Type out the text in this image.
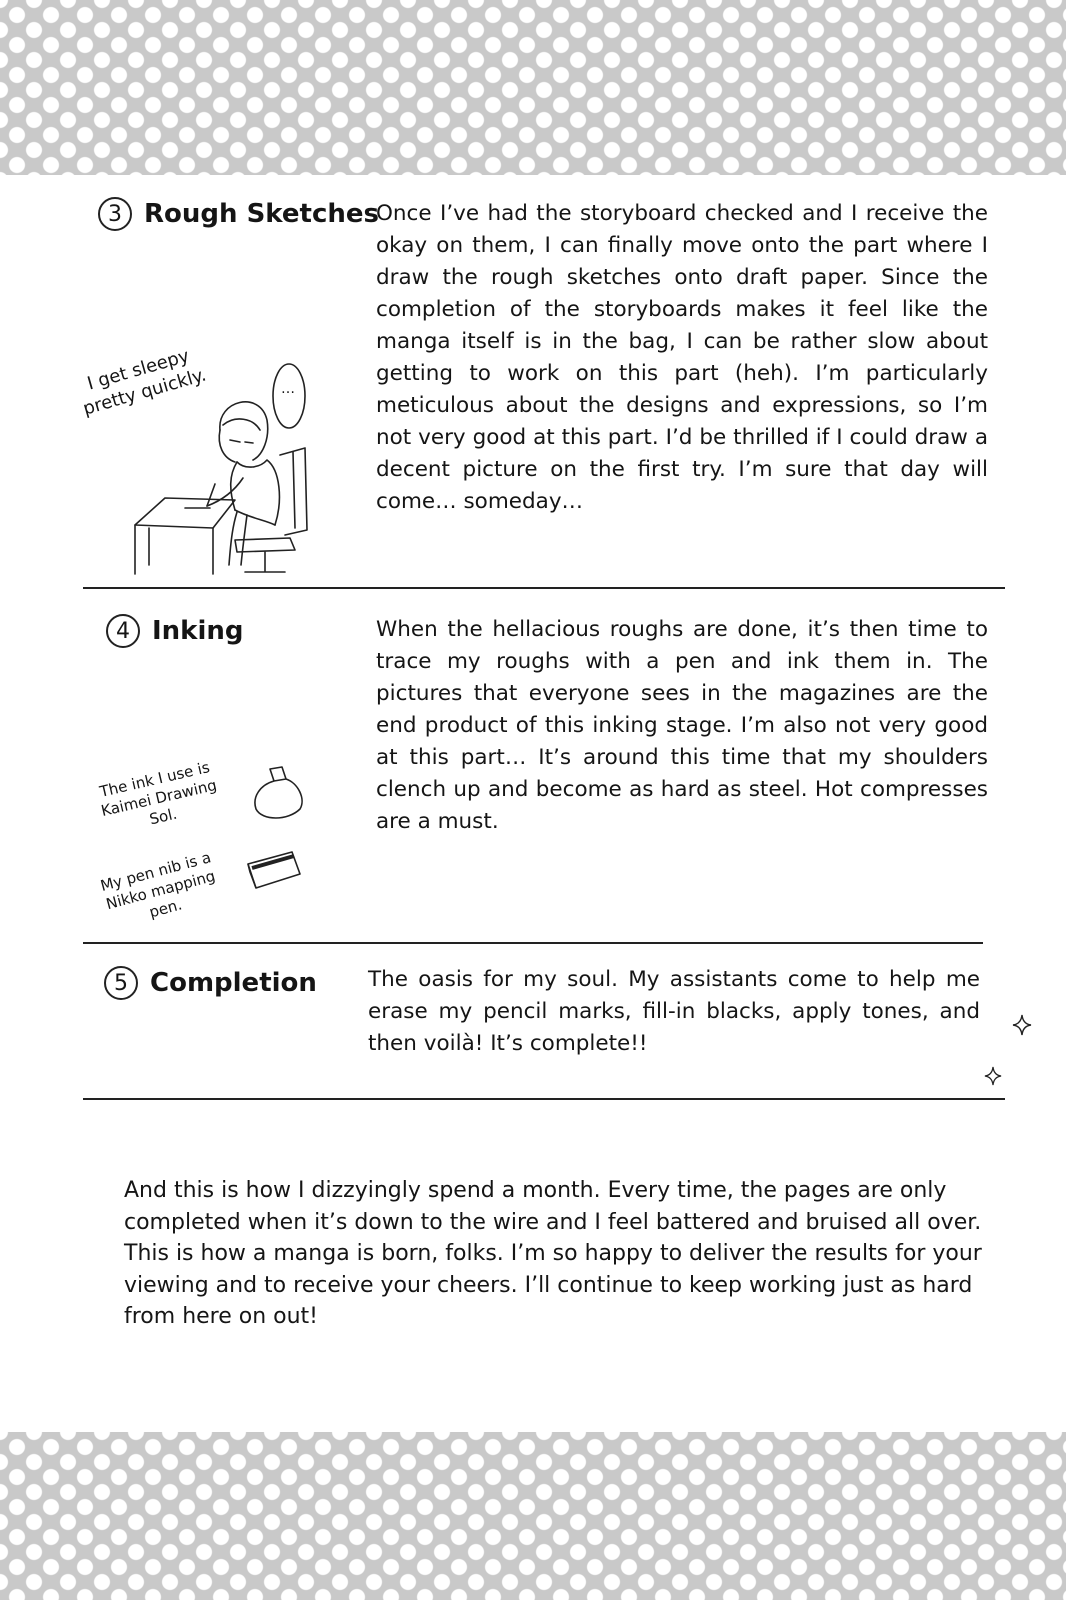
3 Rough Sketches
Once I’ve had the storyboard checked and I receive the okay on them, I can finally move onto the part where I draw the rough sketches onto draft paper. Since the completion of the storyboards makes it feel like the manga itself is in the bag, I can be rather slow about getting to work on this part (heh). I’m particularly meticulous about the designs and expressions, so I’m not very good at this part. I’d be thrilled if I could draw a decent picture on the first try. I’m sure that day will come… someday…
I get sleepy
pretty quickly.	…
4 Inking	When the hellacious roughs are done, it’s then time to trace my roughs with a pen and ink them in. The pictures that everyone sees in the magazines are the end product of this inking stage. I’m also not very good at this part… It’s around this time that my shoulders clench up and become as hard as steel. Hot compresses are a must.
The ink I use is
Kaimei Drawing
Sol.
My pen nib is a
Nikko mapping
pen.
5 Completion The oasis for my soul. My assistants come to help me erase my pencil marks, fill-in blacks, apply tones, and then voilà! It’s complete!!

And this is how I dizzyingly spend a month. Every time, the pages are only completed when it’s down to the wire and I feel battered and bruised all over. This is how a manga is born, folks. I’m so happy to deliver the results for your viewing and to receive your cheers. I’ll continue to keep working just as hard from here on out!
